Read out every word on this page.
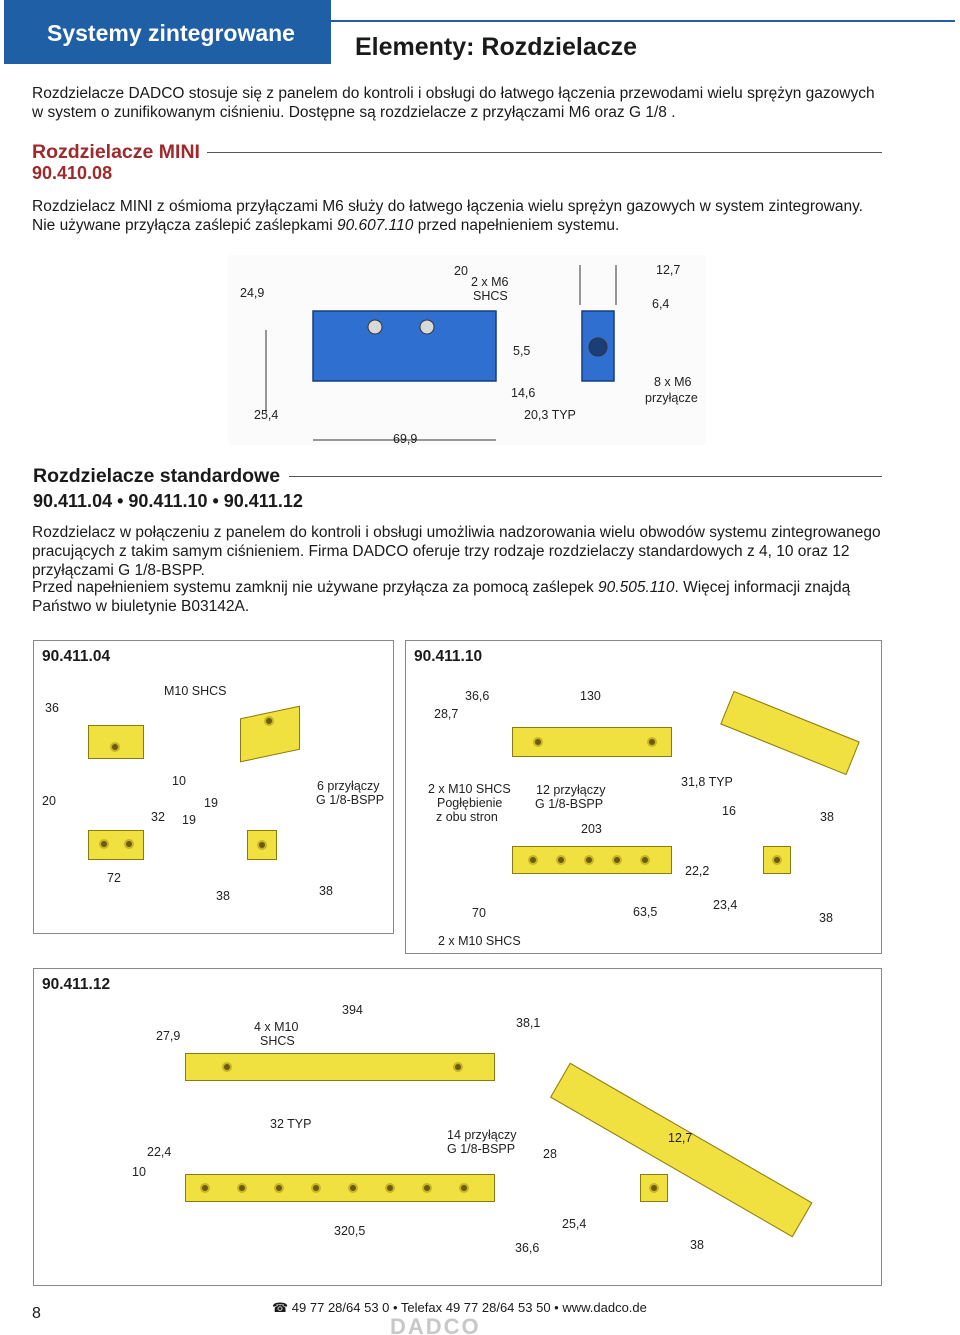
Systemy zintegrowane	Elementy: Rozdzielacze
Rozdzielacze DADCO stosuje się z panelem do kontroli i obsługi do łatwego łączenia przewodami wielu sprężyn gazowych w system o zunifikowanym ciśnieniu. Dostępne są rozdzielacze z przyłączami M6 oraz G 1/8 .
Rozdzielacze MINI
90.410.08
Rozdzielacz MINI z ośmioma przyłączami M6 służy do łatwego łączenia wielu sprężyn gazowych w system zintegrowany. Nie używane przyłącza zaślepić zaślepkami 90.607.110 przed napełnieniem systemu.
24,9
20
2 x M6
SHCS
12,7
6,4
5,5
14,6
8 x M6
przyłącze
25,4	20,3 TYP
69,9
Rozdzielacze standardowe
90.411.04 • 90.411.10 • 90.411.12
Rozdzielacz w połączeniu z panelem do kontroli i obsługi umożliwia nadzorowania wielu obwodów systemu zintegrowanego pracujących z takim samym ciśnieniem. Firma DADCO oferuje trzy rodzaje rozdzielaczy standardowych z 4, 10 oraz 12 przyłączami G 1/8-BSPP.
Przed napełnieniem systemu zamknij nie używane przyłącza za pomocą zaślepek 90.505.110. Więcej informacji znajdą Państwo w biuletynie B03142A.
90.411.04
36
M10 SHCS
20
10
32
19
19
6 przyłączy
G 1/8-BSPP
72
38	38
90.411.10
36,6	130
28,7
2 x M10 SHCS
Pogłębienie
z obu stron
12 przyłączy
G 1/8-BSPP
31,8 TYP
16	38
203
22,2
23,4
70	63,5	38
2 x M10 SHCS
90.411.12
27,9
394
4 x M10
SHCS
38,1
32 TYP
22,4
10
14 przyłączy
G 1/8-BSPP 28
12,7
320,5	25,4
36,6	38
8	☎ 49 77 28/64 53 0 • Telefax 49 77 28/64 53 50 • www.dadco.de
DADCO
